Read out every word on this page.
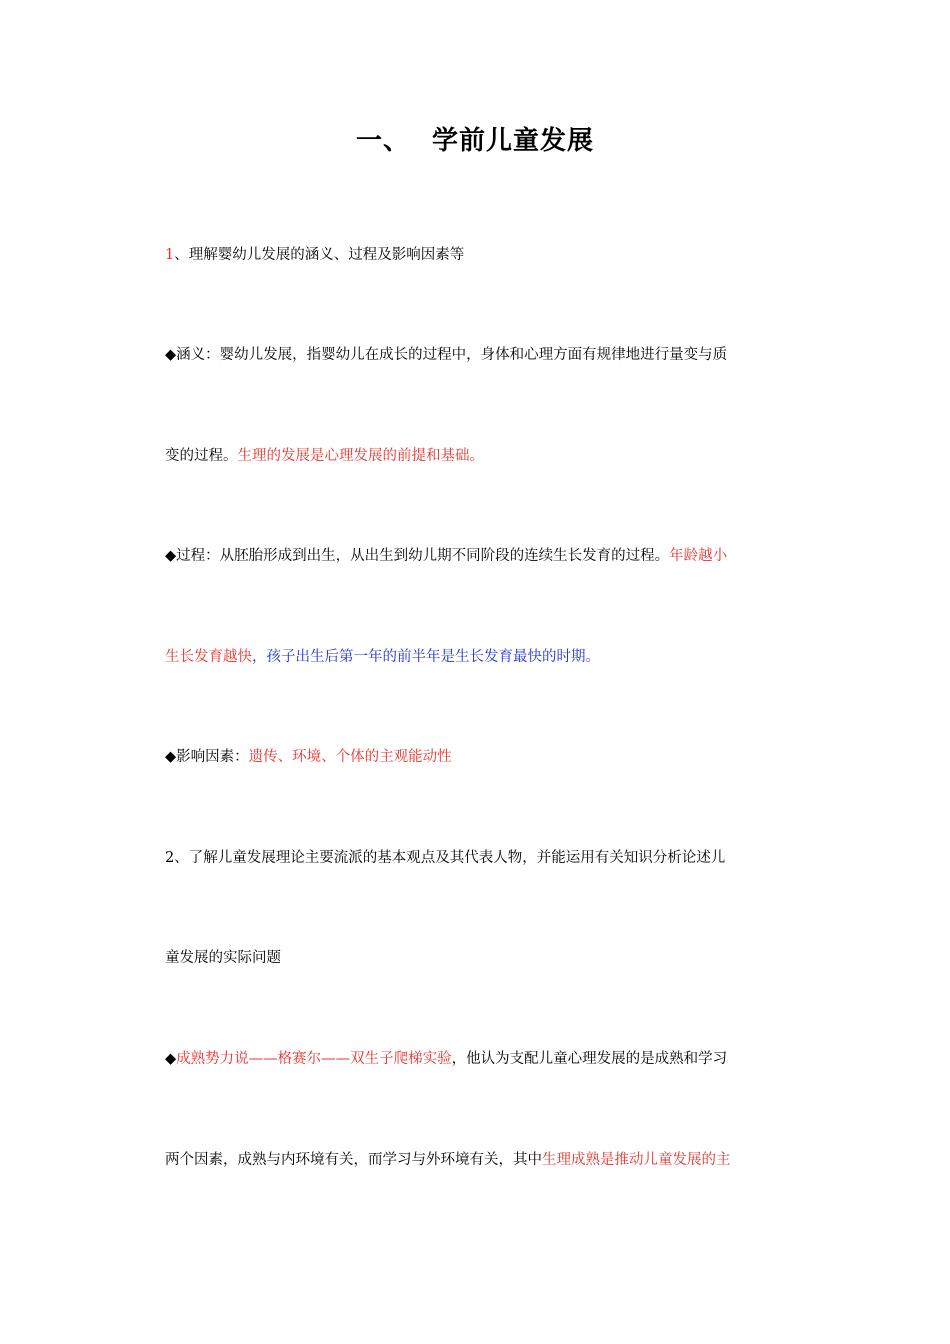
一、 学前儿童发展
1、理解婴幼儿发展的涵义、过程及影响因素等
◆涵义：婴幼儿发展，指婴幼儿在成长的过程中，身体和心理方面有规律地进行量变与质
变的过程。生理的发展是心理发展的前提和基础。
◆过程：从胚胎形成到出生，从出生到幼儿期不同阶段的连续生长发育的过程。年龄越小
生长发育越快，孩子出生后第一年的前半年是生长发育最快的时期。
◆影响因素：遗传、环境、个体的主观能动性
2、了解儿童发展理论主要流派的基本观点及其代表人物，并能运用有关知识分析论述儿
童发展的实际问题
◆成熟势力说——格赛尔——双生子爬梯实验，他认为支配儿童心理发展的是成熟和学习
两个因素，成熟与内环境有关，而学习与外环境有关，其中生理成熟是推动儿童发展的主
